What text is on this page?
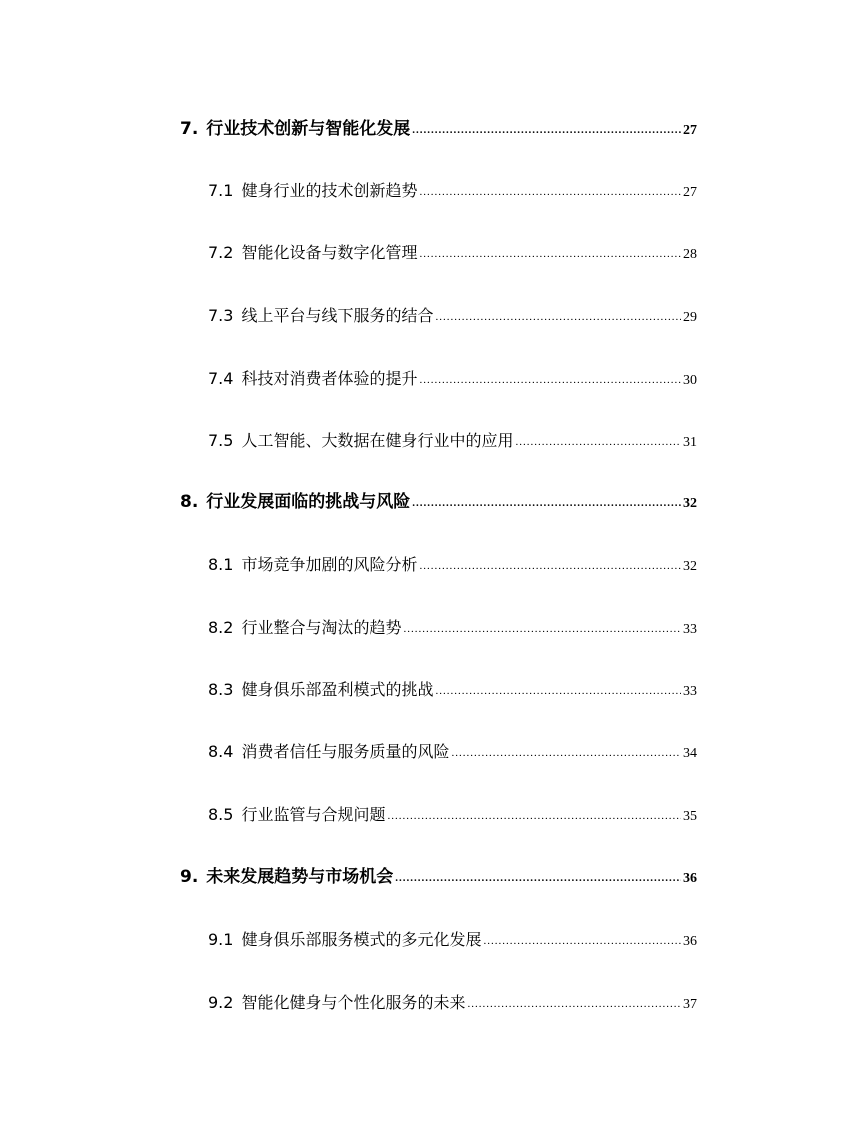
7. 行业技术创新与智能化发展 .....	27
7.1 健身行业的技术创新趋势 .....	27
7.2 智能化设备与数字化管理 .....	28
7.3 线上平台与线下服务的结合 .....	29
7.4 科技对消费者体验的提升 .....	30
7.5 人工智能、大数据在健身行业中的应用 .....	31
8. 行业发展面临的挑战与风险 .....	32
8.1 市场竞争加剧的风险分析 .....	32
8.2 行业整合与淘汰的趋势 .....	33
8.3 健身俱乐部盈利模式的挑战 .....	33
8.4 消费者信任与服务质量的风险 .....	34
8.5 行业监管与合规问题 .....	35
9. 未来发展趋势与市场机会 .....	36
9.1 健身俱乐部服务模式的多元化发展 .....	36
9.2 智能化健身与个性化服务的未来 .....	37
